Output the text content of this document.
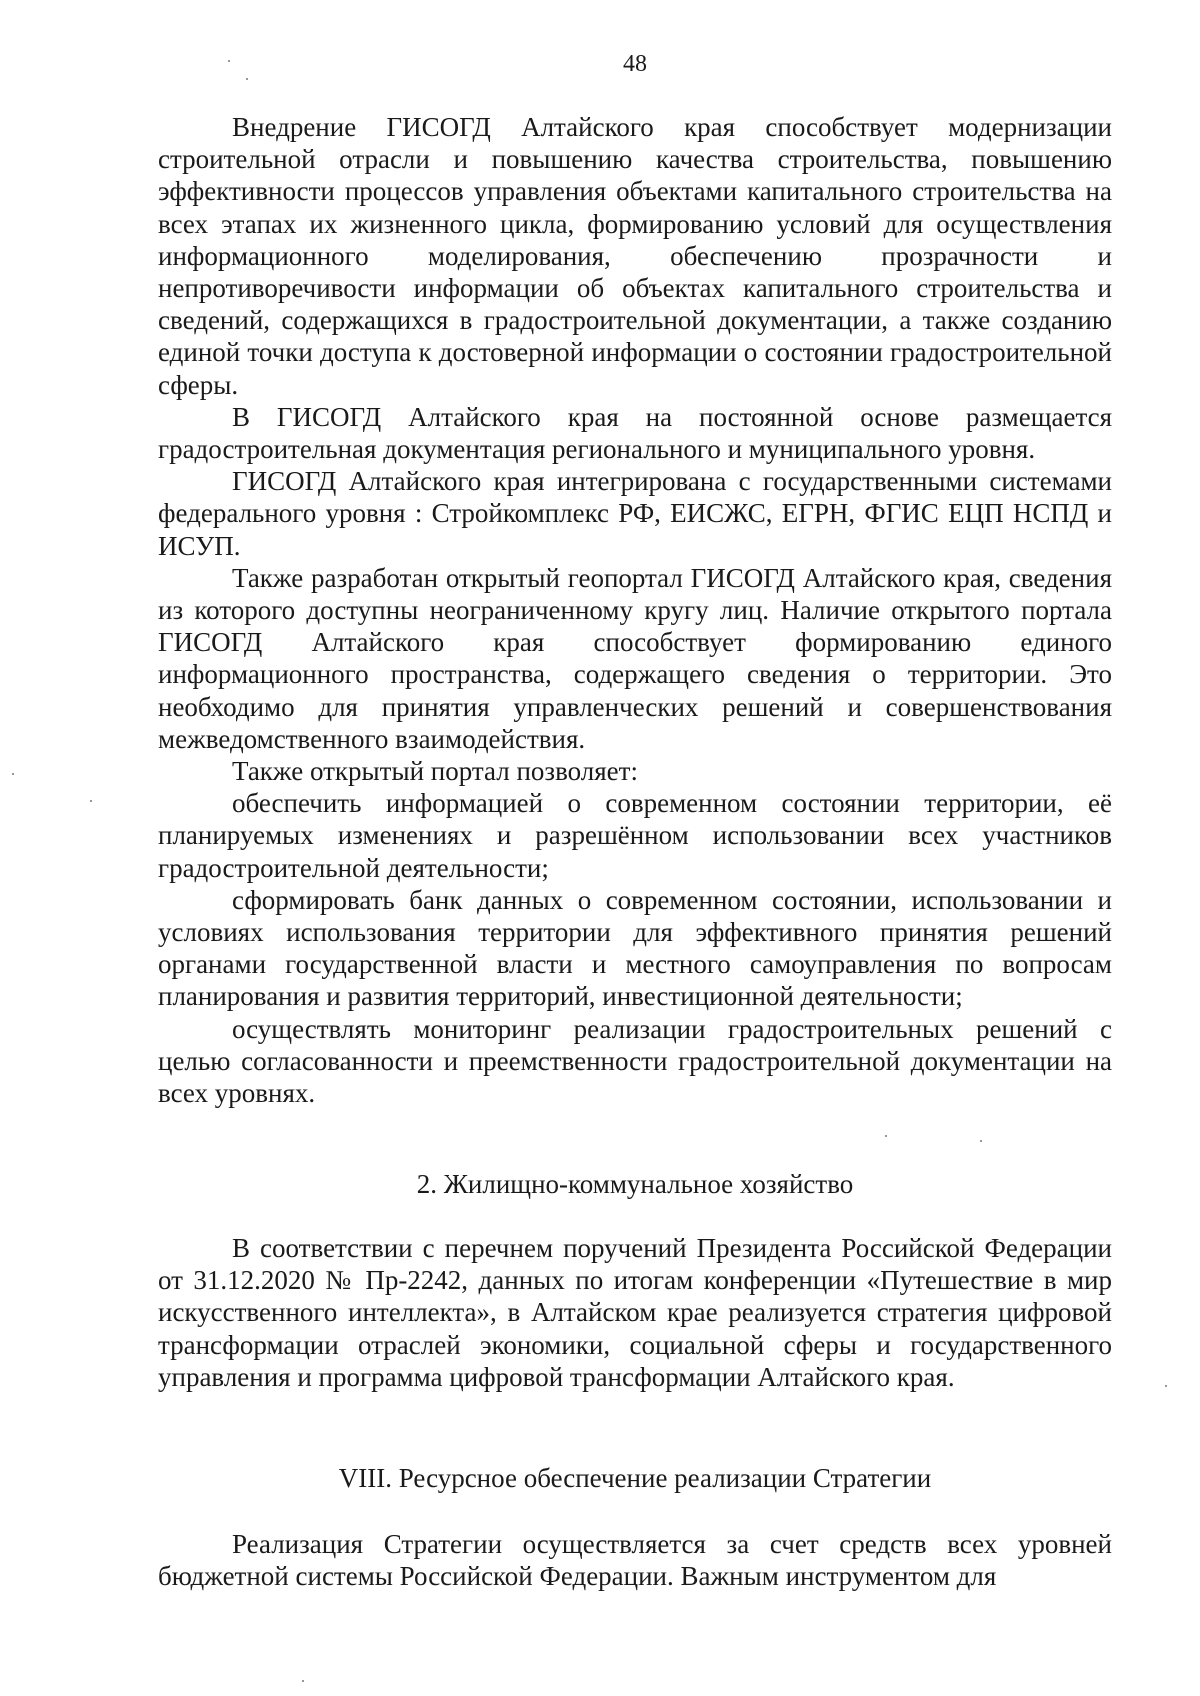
48

Внедрение ГИСОГД Алтайского края способствует модернизации строительной отрасли и повышению качества строительства, повышению эффективности процессов управления объектами капитального строительства на всех этапах их жизненного цикла, формированию условий для осуществления информационного моделирования, обеспечению прозрачности и непротиворечивости информации об объектах капитального строительства и сведений, содержащихся в градостроительной документации, а также созданию единой точки доступа к достоверной информации о состоянии градостроительной сферы.

В ГИСОГД Алтайского края на постоянной основе размещается градостроительная документация регионального и муниципального уровня.

ГИСОГД Алтайского края интегрирована с государственными системами федерального уровня : Стройкомплекс РФ, ЕИСЖС, ЕГРН, ФГИС ЕЦП НСПД и ИСУП.

Также разработан открытый геопортал ГИСОГД Алтайского края, сведения из которого доступны неограниченному кругу лиц. Наличие открытого портала ГИСОГД Алтайского края способствует формированию единого информационного пространства, содержащего сведения о территории. Это необходимо для принятия управленческих решений и совершенствования межведомственного взаимодействия.

Также открытый портал позволяет:

обеспечить информацией о современном состоянии территории, её планируемых изменениях и разрешённом использовании всех участников градостроительной деятельности;

сформировать банк данных о современном состоянии, использовании и условиях использования территории для эффективного принятия решений органами государственной власти и местного самоуправления по вопросам планирования и развития территорий, инвестиционной деятельности;

осуществлять мониторинг реализации градостроительных решений с целью согласованности и преемственности градостроительной документации на всех уровнях.

2. Жилищно-коммунальное хозяйство

В соответствии с перечнем поручений Президента Российской Федерации от 31.12.2020 № Пр-2242, данных по итогам конференции «Путешествие в мир искусственного интеллекта», в Алтайском крае реализуется стратегия цифровой трансформации отраслей экономики, социальной сферы и государственного управления и программа цифровой трансформации Алтайского края.

VIII. Ресурсное обеспечение реализации Стратегии

Реализация Стратегии осуществляется за счет средств всех уровней бюджетной системы Российской Федерации. Важным инструментом для
